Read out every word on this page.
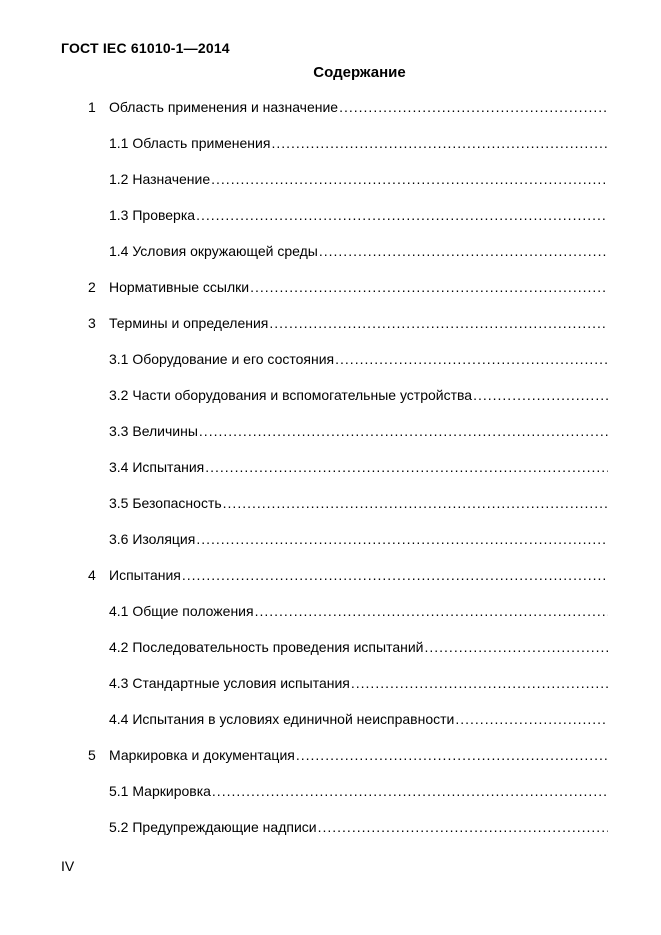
ГОСТ IEC 61010-1—2014
Содержание
1 Область применения и назначение
.....
1.1 Область применения
.....
1.2 Назначение
.....
1.3 Проверка
.....
1.4 Условия окружающей среды
.....
2 Нормативные ссылки
.....
3 Термины и определения
.....
3.1 Оборудование и его состояния
.....
3.2 Части оборудования и вспомогательные устройства
.....
3.3 Величины
.....
3.4 Испытания
.....
3.5 Безопасность
.....
3.6 Изоляция
.....
4 Испытания
.....
4.1 Общие положения
.....
4.2 Последовательность проведения испытаний
.....
4.3 Стандартные условия испытания
.....
4.4 Испытания в условиях единичной неисправности
.....
5 Маркировка и документация
.....
5.1 Маркировка
.....
5.2 Предупреждающие надписи
.....
IV
